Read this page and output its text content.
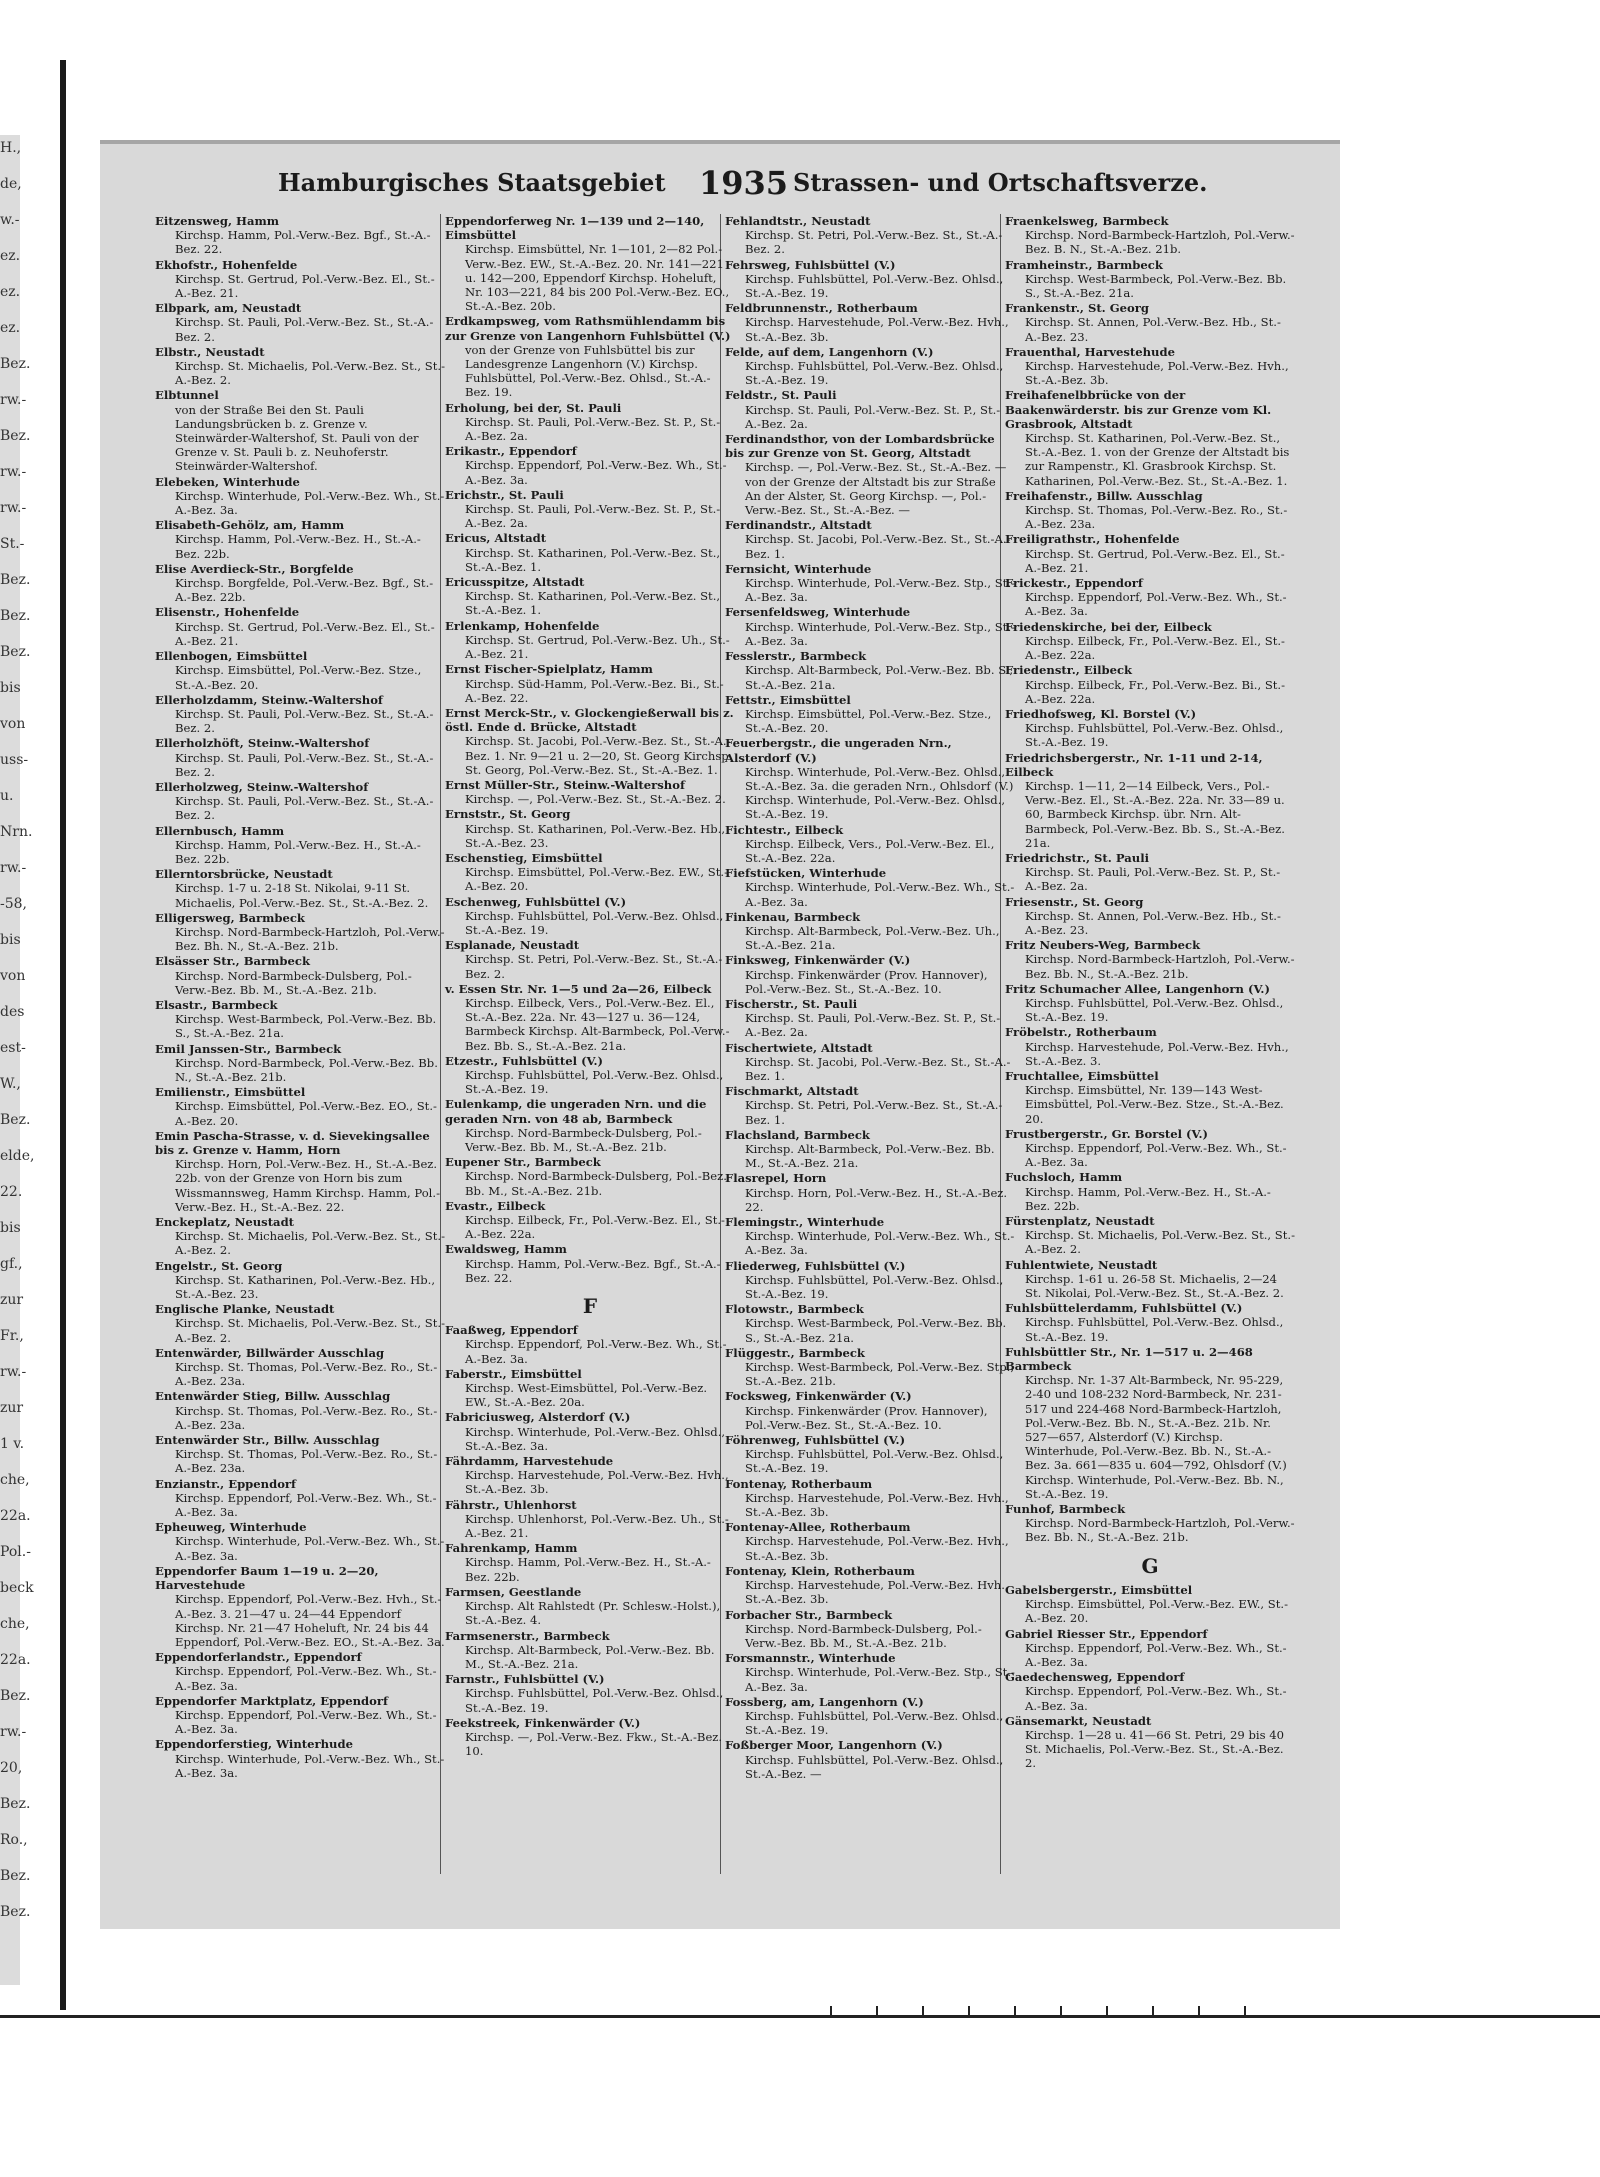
H.,
de,
w.-
ez.
ez.
ez.
Bez.
rw.-
Bez.
rw.-
rw.-
St.-
Bez.
Bez.
Bez.
bis
von
uss-
u.
Nrn.
rw.-
-58,
bis
von
des
est-
W.,
Bez.
elde,
22.
bis
gf.,
zur
Fr.,
rw.-
zur
1 v.
che,
22a.
Pol.-
beck
che,
22a.
Bez.
rw.-
20,
Bez.
Ro.,
Bez.
Bez.
Hamburgisches Staatsgebiet 1935 Strassen- und Ortschaftsverze.
Eitzensweg, Hamm
Kirchsp. Hamm, Pol.-Verw.-Bez. Bgf., St.-A.-Bez. 22.
Ekhofstr., Hohenfelde
Kirchsp. St. Gertrud, Pol.-Verw.-Bez. El., St.-A.-Bez. 21.
Elbpark, am, Neustadt
Kirchsp. St. Pauli, Pol.-Verw.-Bez. St., St.-A.-Bez. 2.
Elbstr., Neustadt
Kirchsp. St. Michaelis, Pol.-Verw.-Bez. St., St.-A.-Bez. 2.
Elbtunnel
von der Straße Bei den St. Pauli Landungsbrücken b. z. Grenze v. Steinwärder-Waltershof, St. Pauli von der Grenze v. St. Pauli b. z. Neuhoferstr. Steinwärder-Waltershof.
Elebeken, Winterhude
Kirchsp. Winterhude, Pol.-Verw.-Bez. Wh., St.-A.-Bez. 3a.
Elisabeth-Gehölz, am, Hamm
Kirchsp. Hamm, Pol.-Verw.-Bez. H., St.-A.-Bez. 22b.
Elise Averdieck-Str., Borgfelde
Kirchsp. Borgfelde, Pol.-Verw.-Bez. Bgf., St.-A.-Bez. 22b.
Elisenstr., Hohenfelde
Kirchsp. St. Gertrud, Pol.-Verw.-Bez. El., St.-A.-Bez. 21.
Ellenbogen, Eimsbüttel
Kirchsp. Eimsbüttel, Pol.-Verw.-Bez. Stze., St.-A.-Bez. 20.
Ellerholzdamm, Steinw.-Waltershof
Kirchsp. St. Pauli, Pol.-Verw.-Bez. St., St.-A.-Bez. 2.
Ellerholzhöft, Steinw.-Waltershof
Kirchsp. St. Pauli, Pol.-Verw.-Bez. St., St.-A.-Bez. 2.
Ellerholzweg, Steinw.-Waltershof
Kirchsp. St. Pauli, Pol.-Verw.-Bez. St., St.-A.-Bez. 2.
Ellernbusch, Hamm
Kirchsp. Hamm, Pol.-Verw.-Bez. H., St.-A.-Bez. 22b.
Ellerntorsbrücke, Neustadt
Kirchsp. 1-7 u. 2-18 St. Nikolai, 9-11 St. Michaelis, Pol.-Verw.-Bez. St., St.-A.-Bez. 2.
Elligersweg, Barmbeck
Kirchsp. Nord-Barmbeck-Hartzloh, Pol.-Verw.-Bez. Bh. N., St.-A.-Bez. 21b.
Elsässer Str., Barmbeck
Kirchsp. Nord-Barmbeck-Dulsberg, Pol.-Verw.-Bez. Bb. M., St.-A.-Bez. 21b.
Elsastr., Barmbeck
Kirchsp. West-Barmbeck, Pol.-Verw.-Bez. Bb. S., St.-A.-Bez. 21a.
Emil Janssen-Str., Barmbeck
Kirchsp. Nord-Barmbeck, Pol.-Verw.-Bez. Bb. N., St.-A.-Bez. 21b.
Emilienstr., Eimsbüttel
Kirchsp. Eimsbüttel, Pol.-Verw.-Bez. EO., St.-A.-Bez. 20.
Emin Pascha-Strasse, v. d. Sievekingsallee bis z. Grenze v. Hamm, Horn
Kirchsp. Horn, Pol.-Verw.-Bez. H., St.-A.-Bez. 22b. von der Grenze von Horn bis zum Wissmannsweg, Hamm Kirchsp. Hamm, Pol.-Verw.-Bez. H., St.-A.-Bez. 22.
Enckeplatz, Neustadt
Kirchsp. St. Michaelis, Pol.-Verw.-Bez. St., St.-A.-Bez. 2.
Engelstr., St. Georg
Kirchsp. St. Katharinen, Pol.-Verw.-Bez. Hb., St.-A.-Bez. 23.
Englische Planke, Neustadt
Kirchsp. St. Michaelis, Pol.-Verw.-Bez. St., St.-A.-Bez. 2.
Entenwärder, Billwärder Ausschlag
Kirchsp. St. Thomas, Pol.-Verw.-Bez. Ro., St.-A.-Bez. 23a.
Entenwärder Stieg, Billw. Ausschlag
Kirchsp. St. Thomas, Pol.-Verw.-Bez. Ro., St.-A.-Bez. 23a.
Entenwärder Str., Billw. Ausschlag
Kirchsp. St. Thomas, Pol.-Verw.-Bez. Ro., St.-A.-Bez. 23a.
Enzianstr., Eppendorf
Kirchsp. Eppendorf, Pol.-Verw.-Bez. Wh., St.-A.-Bez. 3a.
Epheuweg, Winterhude
Kirchsp. Winterhude, Pol.-Verw.-Bez. Wh., St.-A.-Bez. 3a.
Eppendorfer Baum 1—19 u. 2—20, Harvestehude
Kirchsp. Eppendorf, Pol.-Verw.-Bez. Hvh., St.-A.-Bez. 3. 21—47 u. 24—44 Eppendorf Kirchsp. Nr. 21—47 Hoheluft, Nr. 24 bis 44 Eppendorf, Pol.-Verw.-Bez. EO., St.-A.-Bez. 3a.
Eppendorferlandstr., Eppendorf
Kirchsp. Eppendorf, Pol.-Verw.-Bez. Wh., St.-A.-Bez. 3a.
Eppendorfer Marktplatz, Eppendorf
Kirchsp. Eppendorf, Pol.-Verw.-Bez. Wh., St.-A.-Bez. 3a.
Eppendorferstieg, Winterhude
Kirchsp. Winterhude, Pol.-Verw.-Bez. Wh., St.-A.-Bez. 3a.
Eppendorferweg Nr. 1—139 und 2—140, Eimsbüttel
Kirchsp. Eimsbüttel, Nr. 1—101, 2—82 Pol.-Verw.-Bez. EW., St.-A.-Bez. 20. Nr. 141—221 u. 142—200, Eppendorf Kirchsp. Hoheluft, Nr. 103—221, 84 bis 200 Pol.-Verw.-Bez. EO., St.-A.-Bez. 20b.
Erdkampsweg, vom Rathsmühlendamm bis zur Grenze von Langenhorn Fuhlsbüttel (V.)
von der Grenze von Fuhlsbüttel bis zur Landesgrenze Langenhorn (V.) Kirchsp. Fuhlsbüttel, Pol.-Verw.-Bez. Ohlsd., St.-A.-Bez. 19.
Erholung, bei der, St. Pauli
Kirchsp. St. Pauli, Pol.-Verw.-Bez. St. P., St.-A.-Bez. 2a.
Erikastr., Eppendorf
Kirchsp. Eppendorf, Pol.-Verw.-Bez. Wh., St.-A.-Bez. 3a.
Erichstr., St. Pauli
Kirchsp. St. Pauli, Pol.-Verw.-Bez. St. P., St.-A.-Bez. 2a.
Ericus, Altstadt
Kirchsp. St. Katharinen, Pol.-Verw.-Bez. St., St.-A.-Bez. 1.
Ericusspitze, Altstadt
Kirchsp. St. Katharinen, Pol.-Verw.-Bez. St., St.-A.-Bez. 1.
Erlenkamp, Hohenfelde
Kirchsp. St. Gertrud, Pol.-Verw.-Bez. Uh., St.-A.-Bez. 21.
Ernst Fischer-Spielplatz, Hamm
Kirchsp. Süd-Hamm, Pol.-Verw.-Bez. Bi., St.-A.-Bez. 22.
Ernst Merck-Str., v. Glockengießerwall bis z. östl. Ende d. Brücke, Altstadt
Kirchsp. St. Jacobi, Pol.-Verw.-Bez. St., St.-A.-Bez. 1. Nr. 9—21 u. 2—20, St. Georg Kirchsp. St. Georg, Pol.-Verw.-Bez. St., St.-A.-Bez. 1.
Ernst Müller-Str., Steinw.-Waltershof
Kirchsp. —, Pol.-Verw.-Bez. St., St.-A.-Bez. 2.
Ernststr., St. Georg
Kirchsp. St. Katharinen, Pol.-Verw.-Bez. Hb., St.-A.-Bez. 23.
Eschenstieg, Eimsbüttel
Kirchsp. Eimsbüttel, Pol.-Verw.-Bez. EW., St.-A.-Bez. 20.
Eschenweg, Fuhlsbüttel (V.)
Kirchsp. Fuhlsbüttel, Pol.-Verw.-Bez. Ohlsd., St.-A.-Bez. 19.
Esplanade, Neustadt
Kirchsp. St. Petri, Pol.-Verw.-Bez. St., St.-A.-Bez. 2.
v. Essen Str. Nr. 1—5 und 2a—26, Eilbeck
Kirchsp. Eilbeck, Vers., Pol.-Verw.-Bez. El., St.-A.-Bez. 22a. Nr. 43—127 u. 36—124, Barmbeck Kirchsp. Alt-Barmbeck, Pol.-Verw.-Bez. Bb. S., St.-A.-Bez. 21a.
Etzestr., Fuhlsbüttel (V.)
Kirchsp. Fuhlsbüttel, Pol.-Verw.-Bez. Ohlsd., St.-A.-Bez. 19.
Eulenkamp, die ungeraden Nrn. und die geraden Nrn. von 48 ab, Barmbeck
Kirchsp. Nord-Barmbeck-Dulsberg, Pol.-Verw.-Bez. Bb. M., St.-A.-Bez. 21b.
Eupener Str., Barmbeck
Kirchsp. Nord-Barmbeck-Dulsberg, Pol.-Bez. Bb. M., St.-A.-Bez. 21b.
Evastr., Eilbeck
Kirchsp. Eilbeck, Fr., Pol.-Verw.-Bez. El., St.-A.-Bez. 22a.
Ewaldsweg, Hamm
Kirchsp. Hamm, Pol.-Verw.-Bez. Bgf., St.-A.-Bez. 22.
F
Faaßweg, Eppendorf
Kirchsp. Eppendorf, Pol.-Verw.-Bez. Wh., St.-A.-Bez. 3a.
Faberstr., Eimsbüttel
Kirchsp. West-Eimsbüttel, Pol.-Verw.-Bez. EW., St.-A.-Bez. 20a.
Fabriciusweg, Alsterdorf (V.)
Kirchsp. Winterhude, Pol.-Verw.-Bez. Ohlsd., St.-A.-Bez. 3a.
Fährdamm, Harvestehude
Kirchsp. Harvestehude, Pol.-Verw.-Bez. Hvh., St.-A.-Bez. 3b.
Fährstr., Uhlenhorst
Kirchsp. Uhlenhorst, Pol.-Verw.-Bez. Uh., St.-A.-Bez. 21.
Fahrenkamp, Hamm
Kirchsp. Hamm, Pol.-Verw.-Bez. H., St.-A.-Bez. 22b.
Farmsen, Geestlande
Kirchsp. Alt Rahlstedt (Pr. Schlesw.-Holst.), St.-A.-Bez. 4.
Farmsenerstr., Barmbeck
Kirchsp. Alt-Barmbeck, Pol.-Verw.-Bez. Bb. M., St.-A.-Bez. 21a.
Farnstr., Fuhlsbüttel (V.)
Kirchsp. Fuhlsbüttel, Pol.-Verw.-Bez. Ohlsd., St.-A.-Bez. 19.
Feekstreek, Finkenwärder (V.)
Kirchsp. —, Pol.-Verw.-Bez. Fkw., St.-A.-Bez. 10.
Fehlandtstr., Neustadt
Kirchsp. St. Petri, Pol.-Verw.-Bez. St., St.-A.-Bez. 2.
Fehrsweg, Fuhlsbüttel (V.)
Kirchsp. Fuhlsbüttel, Pol.-Verw.-Bez. Ohlsd., St.-A.-Bez. 19.
Feldbrunnenstr., Rotherbaum
Kirchsp. Harvestehude, Pol.-Verw.-Bez. Hvh., St.-A.-Bez. 3b.
Felde, auf dem, Langenhorn (V.)
Kirchsp. Fuhlsbüttel, Pol.-Verw.-Bez. Ohlsd., St.-A.-Bez. 19.
Feldstr., St. Pauli
Kirchsp. St. Pauli, Pol.-Verw.-Bez. St. P., St.-A.-Bez. 2a.
Ferdinandsthor, von der Lombardsbrücke bis zur Grenze von St. Georg, Altstadt
Kirchsp. —, Pol.-Verw.-Bez. St., St.-A.-Bez. — von der Grenze der Altstadt bis zur Straße An der Alster, St. Georg Kirchsp. —, Pol.-Verw.-Bez. St., St.-A.-Bez. —
Ferdinandstr., Altstadt
Kirchsp. St. Jacobi, Pol.-Verw.-Bez. St., St.-A.-Bez. 1.
Fernsicht, Winterhude
Kirchsp. Winterhude, Pol.-Verw.-Bez. Stp., St.-A.-Bez. 3a.
Fersenfeldsweg, Winterhude
Kirchsp. Winterhude, Pol.-Verw.-Bez. Stp., St.-A.-Bez. 3a.
Fesslerstr., Barmbeck
Kirchsp. Alt-Barmbeck, Pol.-Verw.-Bez. Bb. S., St.-A.-Bez. 21a.
Fettstr., Eimsbüttel
Kirchsp. Eimsbüttel, Pol.-Verw.-Bez. Stze., St.-A.-Bez. 20.
Feuerbergstr., die ungeraden Nrn., Alsterdorf (V.)
Kirchsp. Winterhude, Pol.-Verw.-Bez. Ohlsd., St.-A.-Bez. 3a. die geraden Nrn., Ohlsdorf (V.) Kirchsp. Winterhude, Pol.-Verw.-Bez. Ohlsd., St.-A.-Bez. 19.
Fichtestr., Eilbeck
Kirchsp. Eilbeck, Vers., Pol.-Verw.-Bez. El., St.-A.-Bez. 22a.
Fiefstücken, Winterhude
Kirchsp. Winterhude, Pol.-Verw.-Bez. Wh., St.-A.-Bez. 3a.
Finkenau, Barmbeck
Kirchsp. Alt-Barmbeck, Pol.-Verw.-Bez. Uh., St.-A.-Bez. 21a.
Finksweg, Finkenwärder (V.)
Kirchsp. Finkenwärder (Prov. Hannover), Pol.-Verw.-Bez. St., St.-A.-Bez. 10.
Fischerstr., St. Pauli
Kirchsp. St. Pauli, Pol.-Verw.-Bez. St. P., St.-A.-Bez. 2a.
Fischertwiete, Altstadt
Kirchsp. St. Jacobi, Pol.-Verw.-Bez. St., St.-A.-Bez. 1.
Fischmarkt, Altstadt
Kirchsp. St. Petri, Pol.-Verw.-Bez. St., St.-A.-Bez. 1.
Flachsland, Barmbeck
Kirchsp. Alt-Barmbeck, Pol.-Verw.-Bez. Bb. M., St.-A.-Bez. 21a.
Flasrepel, Horn
Kirchsp. Horn, Pol.-Verw.-Bez. H., St.-A.-Bez. 22.
Flemingstr., Winterhude
Kirchsp. Winterhude, Pol.-Verw.-Bez. Wh., St.-A.-Bez. 3a.
Fliederweg, Fuhlsbüttel (V.)
Kirchsp. Fuhlsbüttel, Pol.-Verw.-Bez. Ohlsd., St.-A.-Bez. 19.
Flotowstr., Barmbeck
Kirchsp. West-Barmbeck, Pol.-Verw.-Bez. Bb. S., St.-A.-Bez. 21a.
Flüggestr., Barmbeck
Kirchsp. West-Barmbeck, Pol.-Verw.-Bez. Stp., St.-A.-Bez. 21b.
Focksweg, Finkenwärder (V.)
Kirchsp. Finkenwärder (Prov. Hannover), Pol.-Verw.-Bez. St., St.-A.-Bez. 10.
Föhrenweg, Fuhlsbüttel (V.)
Kirchsp. Fuhlsbüttel, Pol.-Verw.-Bez. Ohlsd., St.-A.-Bez. 19.
Fontenay, Rotherbaum
Kirchsp. Harvestehude, Pol.-Verw.-Bez. Hvh., St.-A.-Bez. 3b.
Fontenay-Allee, Rotherbaum
Kirchsp. Harvestehude, Pol.-Verw.-Bez. Hvh., St.-A.-Bez. 3b.
Fontenay, Klein, Rotherbaum
Kirchsp. Harvestehude, Pol.-Verw.-Bez. Hvh., St.-A.-Bez. 3b.
Forbacher Str., Barmbeck
Kirchsp. Nord-Barmbeck-Dulsberg, Pol.-Verw.-Bez. Bb. M., St.-A.-Bez. 21b.
Forsmannstr., Winterhude
Kirchsp. Winterhude, Pol.-Verw.-Bez. Stp., St.-A.-Bez. 3a.
Fossberg, am, Langenhorn (V.)
Kirchsp. Fuhlsbüttel, Pol.-Verw.-Bez. Ohlsd., St.-A.-Bez. 19.
Foßberger Moor, Langenhorn (V.)
Kirchsp. Fuhlsbüttel, Pol.-Verw.-Bez. Ohlsd., St.-A.-Bez. —
Fraenkelsweg, Barmbeck
Kirchsp. Nord-Barmbeck-Hartzloh, Pol.-Verw.-Bez. B. N., St.-A.-Bez. 21b.
Framheinstr., Barmbeck
Kirchsp. West-Barmbeck, Pol.-Verw.-Bez. Bb. S., St.-A.-Bez. 21a.
Frankenstr., St. Georg
Kirchsp. St. Annen, Pol.-Verw.-Bez. Hb., St.-A.-Bez. 23.
Frauenthal, Harvestehude
Kirchsp. Harvestehude, Pol.-Verw.-Bez. Hvh., St.-A.-Bez. 3b.
Freihafenelbbrücke von der Baakenwärderstr. bis zur Grenze vom Kl. Grasbrook, Altstadt
Kirchsp. St. Katharinen, Pol.-Verw.-Bez. St., St.-A.-Bez. 1. von der Grenze der Altstadt bis zur Rampenstr., Kl. Grasbrook Kirchsp. St. Katharinen, Pol.-Verw.-Bez. St., St.-A.-Bez. 1.
Freihafenstr., Billw. Ausschlag
Kirchsp. St. Thomas, Pol.-Verw.-Bez. Ro., St.-A.-Bez. 23a.
Freiligrathstr., Hohenfelde
Kirchsp. St. Gertrud, Pol.-Verw.-Bez. El., St.-A.-Bez. 21.
Frickestr., Eppendorf
Kirchsp. Eppendorf, Pol.-Verw.-Bez. Wh., St.-A.-Bez. 3a.
Friedenskirche, bei der, Eilbeck
Kirchsp. Eilbeck, Fr., Pol.-Verw.-Bez. El., St.-A.-Bez. 22a.
Friedenstr., Eilbeck
Kirchsp. Eilbeck, Fr., Pol.-Verw.-Bez. Bi., St.-A.-Bez. 22a.
Friedhofsweg, Kl. Borstel (V.)
Kirchsp. Fuhlsbüttel, Pol.-Verw.-Bez. Ohlsd., St.-A.-Bez. 19.
Friedrichsbergerstr., Nr. 1-11 und 2-14, Eilbeck
Kirchsp. 1—11, 2—14 Eilbeck, Vers., Pol.-Verw.-Bez. El., St.-A.-Bez. 22a. Nr. 33—89 u. 60, Barmbeck Kirchsp. übr. Nrn. Alt-Barmbeck, Pol.-Verw.-Bez. Bb. S., St.-A.-Bez. 21a.
Friedrichstr., St. Pauli
Kirchsp. St. Pauli, Pol.-Verw.-Bez. St. P., St.-A.-Bez. 2a.
Friesenstr., St. Georg
Kirchsp. St. Annen, Pol.-Verw.-Bez. Hb., St.-A.-Bez. 23.
Fritz Neubers-Weg, Barmbeck
Kirchsp. Nord-Barmbeck-Hartzloh, Pol.-Verw.-Bez. Bb. N., St.-A.-Bez. 21b.
Fritz Schumacher Allee, Langenhorn (V.)
Kirchsp. Fuhlsbüttel, Pol.-Verw.-Bez. Ohlsd., St.-A.-Bez. 19.
Fröbelstr., Rotherbaum
Kirchsp. Harvestehude, Pol.-Verw.-Bez. Hvh., St.-A.-Bez. 3.
Fruchtallee, Eimsbüttel
Kirchsp. Eimsbüttel, Nr. 139—143 West-Eimsbüttel, Pol.-Verw.-Bez. Stze., St.-A.-Bez. 20.
Frustbergerstr., Gr. Borstel (V.)
Kirchsp. Eppendorf, Pol.-Verw.-Bez. Wh., St.-A.-Bez. 3a.
Fuchsloch, Hamm
Kirchsp. Hamm, Pol.-Verw.-Bez. H., St.-A.-Bez. 22b.
Fürstenplatz, Neustadt
Kirchsp. St. Michaelis, Pol.-Verw.-Bez. St., St.-A.-Bez. 2.
Fuhlentwiete, Neustadt
Kirchsp. 1-61 u. 26-58 St. Michaelis, 2—24 St. Nikolai, Pol.-Verw.-Bez. St., St.-A.-Bez. 2.
Fuhlsbüttelerdamm, Fuhlsbüttel (V.)
Kirchsp. Fuhlsbüttel, Pol.-Verw.-Bez. Ohlsd., St.-A.-Bez. 19.
Fuhlsbüttler Str., Nr. 1—517 u. 2—468 Barmbeck
Kirchsp. Nr. 1-37 Alt-Barmbeck, Nr. 95-229, 2-40 und 108-232 Nord-Barmbeck, Nr. 231-517 und 224-468 Nord-Barmbeck-Hartzloh, Pol.-Verw.-Bez. Bb. N., St.-A.-Bez. 21b. Nr. 527—657, Alsterdorf (V.) Kirchsp. Winterhude, Pol.-Verw.-Bez. Bb. N., St.-A.-Bez. 3a. 661—835 u. 604—792, Ohlsdorf (V.) Kirchsp. Winterhude, Pol.-Verw.-Bez. Bb. N., St.-A.-Bez. 19.
Funhof, Barmbeck
Kirchsp. Nord-Barmbeck-Hartzloh, Pol.-Verw.-Bez. Bb. N., St.-A.-Bez. 21b.
G
Gabelsbergerstr., Eimsbüttel
Kirchsp. Eimsbüttel, Pol.-Verw.-Bez. EW., St.-A.-Bez. 20.
Gabriel Riesser Str., Eppendorf
Kirchsp. Eppendorf, Pol.-Verw.-Bez. Wh., St.-A.-Bez. 3a.
Gaedechensweg, Eppendorf
Kirchsp. Eppendorf, Pol.-Verw.-Bez. Wh., St.-A.-Bez. 3a.
Gänsemarkt, Neustadt
Kirchsp. 1—28 u. 41—66 St. Petri, 29 bis 40 St. Michaelis, Pol.-Verw.-Bez. St., St.-A.-Bez. 2.
